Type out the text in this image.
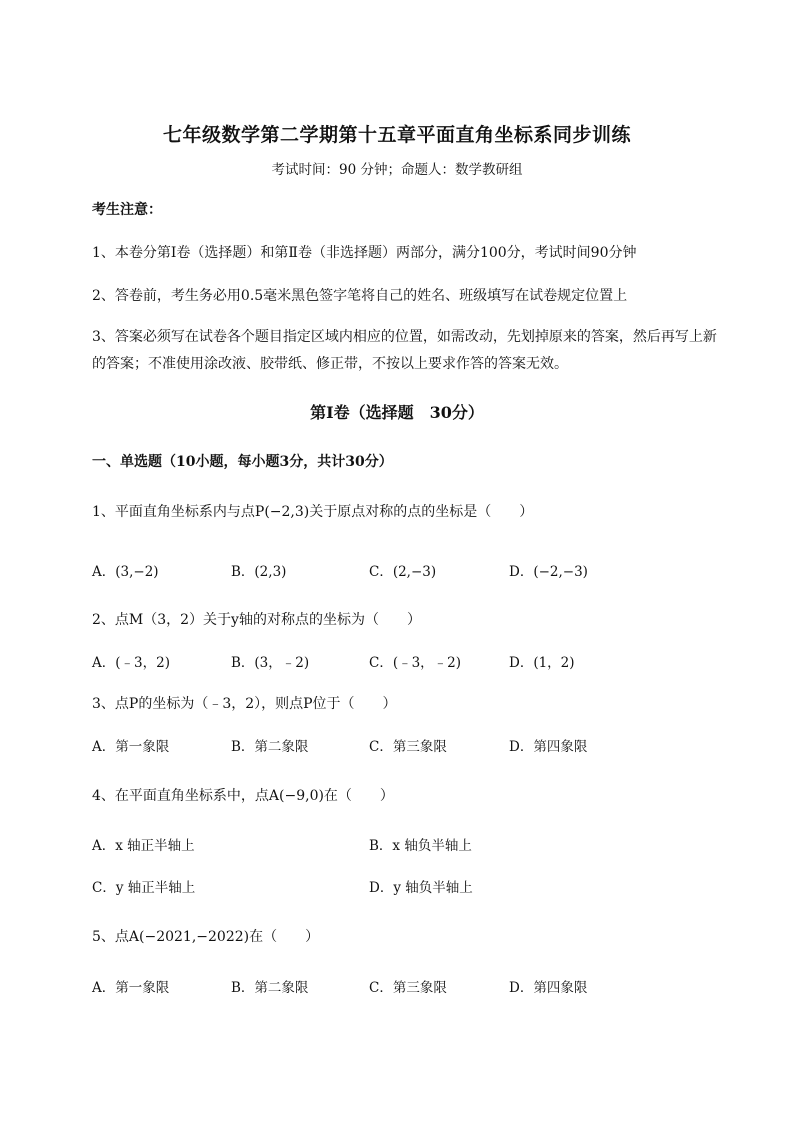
七年级数学第二学期第十五章平面直角坐标系同步训练
考试时间：90 分钟；命题人：数学教研组
考生注意：
1、本卷分第Ⅰ卷（选择题）和第Ⅱ卷（非选择题）两部分，满分100分，考试时间90分钟
2、答卷前，考生务必用0.5毫米黑色签字笔将自己的姓名、班级填写在试卷规定位置上
3、答案必须写在试卷各个题目指定区域内相应的位置，如需改动，先划掉原来的答案，然后再写上新
的答案；不准使用涂改液、胶带纸、修正带，不按以上要求作答的答案无效。
第Ⅰ卷（选择题　30分）
一、单选题（10小题，每小题3分，共计30分）
1、平面直角坐标系内与点P(−2,3)关于原点对称的点的坐标是（　　）
A．(3,−2)	B．(2,3)	C．(2,−3)	D．(−2,−3)
2、点M（3，2）关于y轴的对称点的坐标为（　　）
A．(﹣3，2)	B．(3，﹣2)	C．(﹣3，﹣2)	D．(1，2)
3、点P的坐标为（﹣3，2），则点P位于（　　）
A．第一象限	B．第二象限	C．第三象限	D．第四象限
4、在平面直角坐标系中，点A(−9,0)在（　　）
A．x 轴正半轴上	B．x 轴负半轴上
C．y 轴正半轴上	D．y 轴负半轴上
5、点A(−2021,−2022)在（　　）
A．第一象限	B．第二象限	C．第三象限	D．第四象限
